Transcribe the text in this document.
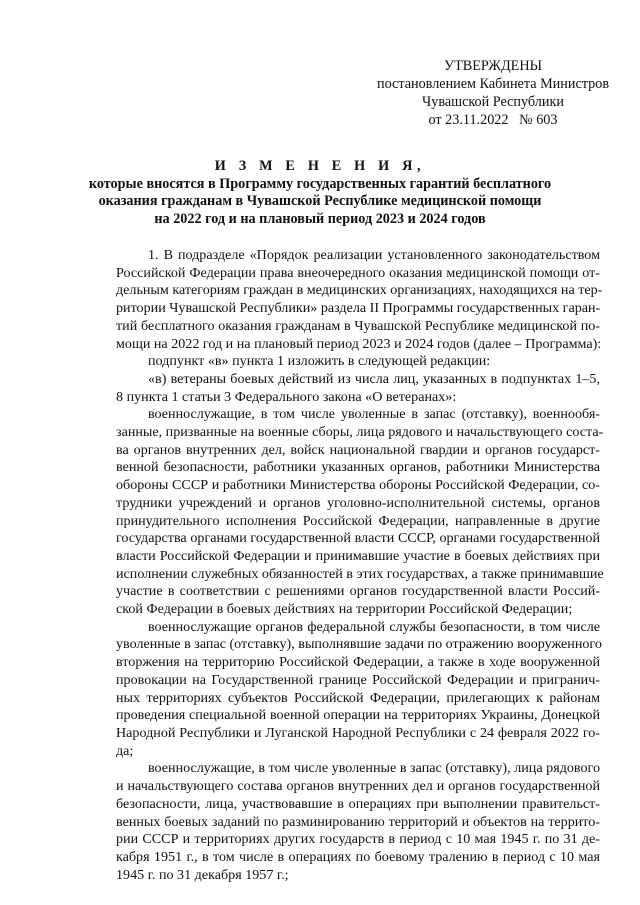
УТВЕРЖДЕНЫ
постановлением Кабинета Министров
Чувашской Республики
от 23.11.2022   № 603
И З М Е Н Е Н И Я,
которые вносятся в Программу государственных гарантий бесплатного
оказания гражданам в Чувашской Республике медицинской помощи
на 2022 год и на плановый период 2023 и 2024 годов
1. В подразделе «Порядок реализации установленного законодательством
Российской Федерации права внеочередного оказания медицинской помощи от-
дельным категориям граждан в медицинских организациях, находящихся на тер-
ритории Чувашской Республики» раздела II Программы государственных гаран-
тий бесплатного оказания гражданам в Чувашской Республике медицинской по-
мощи на 2022 год и на плановый период 2023 и 2024 годов (далее – Программа):
подпункт «в» пункта 1 изложить в следующей редакции:
«в) ветераны боевых действий из числа лиц, указанных в подпунктах 1–5,
8 пункта 1 статьи 3 Федерального закона «О ветеранах»:
военнослужащие, в том числе уволенные в запас (отставку), военнообя-
занные, призванные на военные сборы, лица рядового и начальствующего соста-
ва органов внутренних дел, войск национальной гвардии и органов государст-
венной безопасности, работники указанных органов, работники Министерства
обороны СССР и работники Министерства обороны Российской Федерации, со-
трудники учреждений и органов уголовно-исполнительной системы, органов
принудительного исполнения Российской Федерации, направленные в другие
государства органами государственной власти СССР, органами государственной
власти Российской Федерации и принимавшие участие в боевых действиях при
исполнении служебных обязанностей в этих государствах, а также принимавшие
участие в соответствии с решениями органов государственной власти Россий-
ской Федерации в боевых действиях на территории Российской Федерации;
военнослужащие органов федеральной службы безопасности, в том числе
уволенные в запас (отставку), выполнявшие задачи по отражению вооруженного
вторжения на территорию Российской Федерации, а также в ходе вооруженной
провокации на Государственной границе Российской Федерации и пригранич-
ных территориях субъектов Российской Федерации, прилегающих к районам
проведения специальной военной операции на территориях Украины, Донецкой
Народной Республики и Луганской Народной Республики с 24 февраля 2022 го-
да;
военнослужащие, в том числе уволенные в запас (отставку), лица рядового
и начальствующего состава органов внутренних дел и органов государственной
безопасности, лица, участвовавшие в операциях при выполнении правительст-
венных боевых заданий по разминированию территорий и объектов на террито-
рии СССР и территориях других государств в период с 10 мая 1945 г. по 31 де-
кабря 1951 г., в том числе в операциях по боевому тралению в период с 10 мая
1945 г. по 31 декабря 1957 г.;
